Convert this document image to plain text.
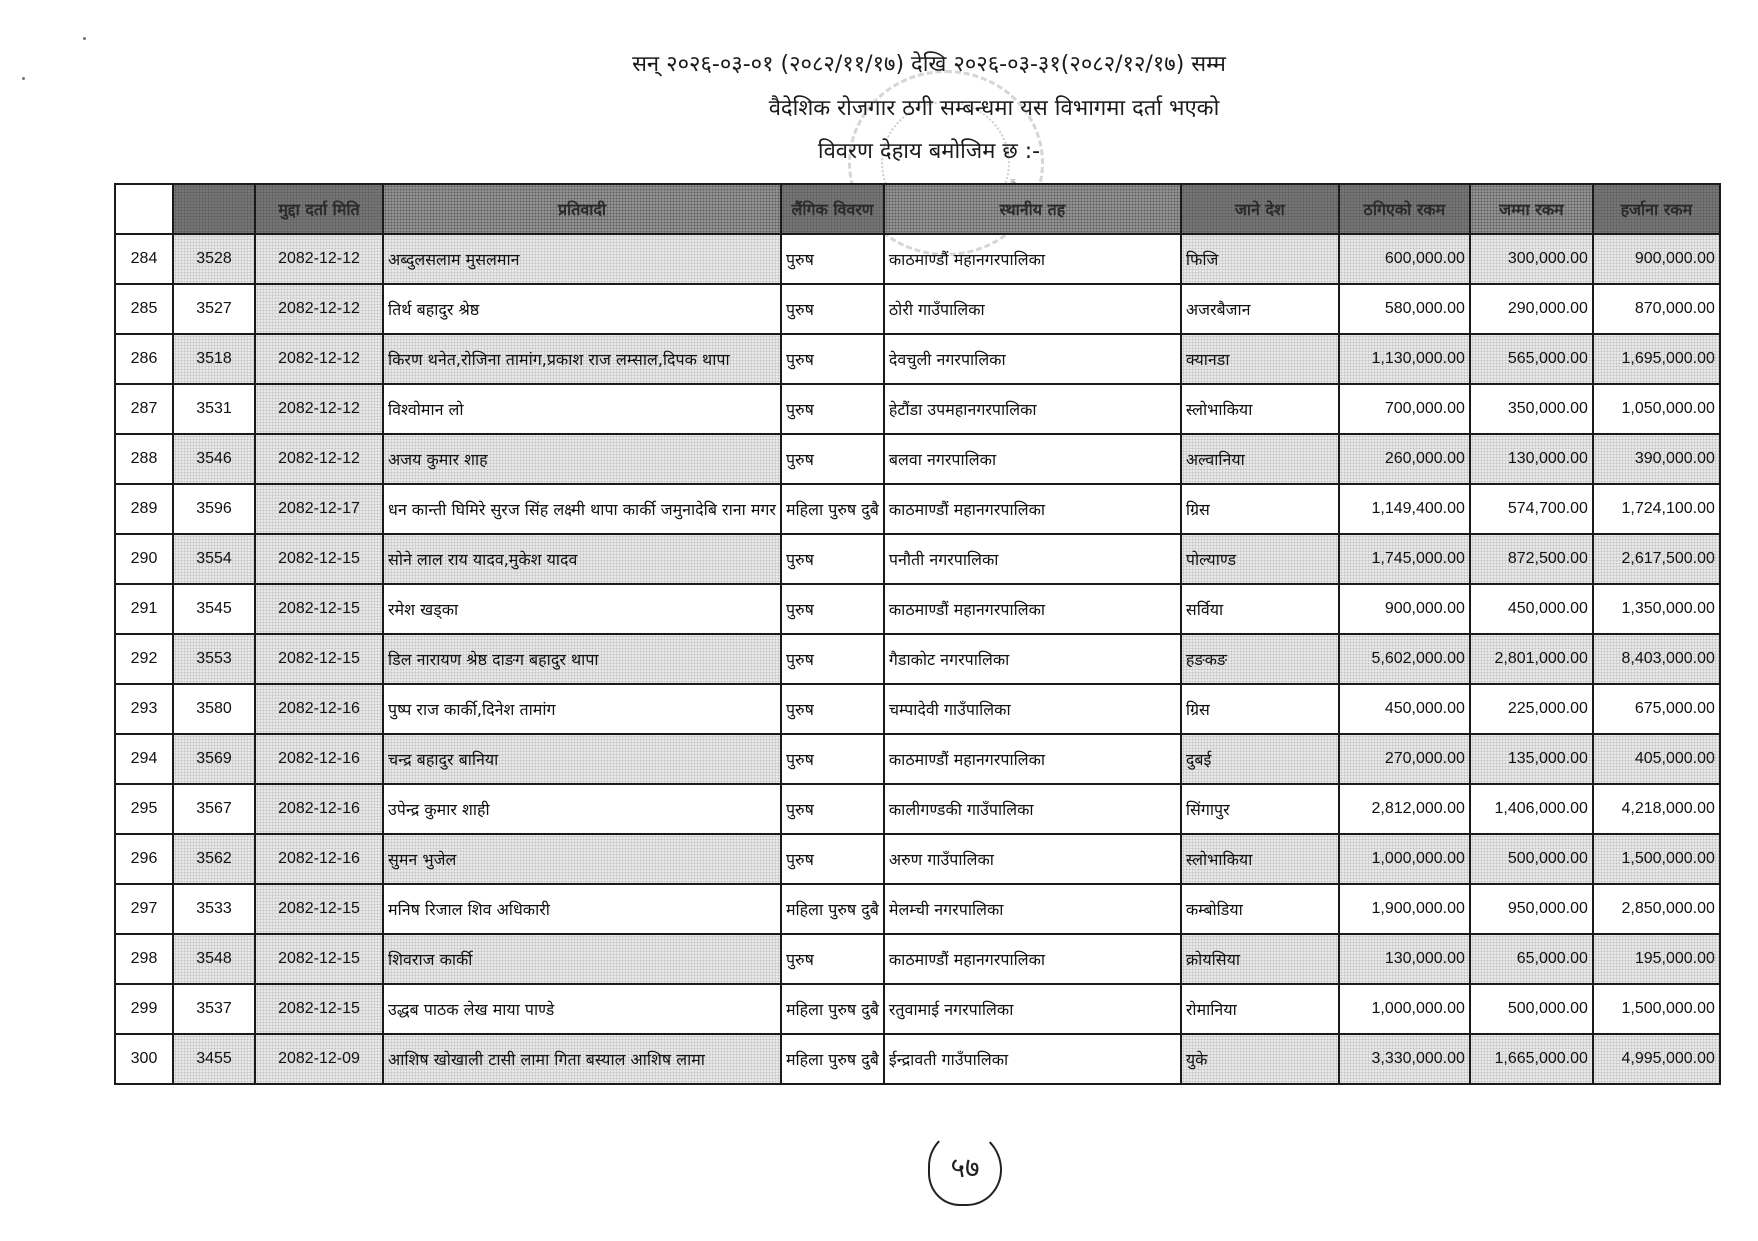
सन् २०२६-०३-०१ (२०८२/११/१७) देखि २०२६-०३-३१(२०८२/१२/१७) सम्म
वैदेशिक रोजगार ठगी सम्बन्धमा यस विभागमा दर्ता भएको
विवरण देहाय बमोजिम छ :-
		मुद्दा दर्ता मिति	प्रतिवादी	लैंगिक विवरण	स्थानीय तह	जाने देश	ठगिएको रकम	जम्मा रकम	हर्जाना रकम
284	3528	2082-12-12	अब्दुलसलाम मुसलमान	पुरुष	काठमाण्डौं महानगरपालिका	फिजि	600,000.00	300,000.00	900,000.00
285	3527	2082-12-12	तिर्थ बहादुर श्रेष्ठ	पुरुष	ठोरी गाउँपालिका	अजरबैजान	580,000.00	290,000.00	870,000.00
286	3518	2082-12-12	किरण थनेत,रोजिना तामांग,प्रकाश राज लम्साल,दिपक थापा	पुरुष	देवचुली नगरपालिका	क्यानडा	1,130,000.00	565,000.00	1,695,000.00
287	3531	2082-12-12	विश्वोमान लो	पुरुष	हेटौंडा उपमहानगरपालिका	स्लोभाकिया	700,000.00	350,000.00	1,050,000.00
288	3546	2082-12-12	अजय कुमार शाह	पुरुष	बलवा नगरपालिका	अल्वानिया	260,000.00	130,000.00	390,000.00
289	3596	2082-12-17	धन कान्ती घिमिरे सुरज सिंह लक्ष्मी थापा कार्की जमुनादेबि राना मगर	महिला पुरुष दुबै	काठमाण्डौं महानगरपालिका	ग्रिस	1,149,400.00	574,700.00	1,724,100.00
290	3554	2082-12-15	सोने लाल राय यादव,मुकेश यादव	पुरुष	पनौती नगरपालिका	पोल्याण्ड	1,745,000.00	872,500.00	2,617,500.00
291	3545	2082-12-15	रमेश खड्का	पुरुष	काठमाण्डौं महानगरपालिका	सर्विया	900,000.00	450,000.00	1,350,000.00
292	3553	2082-12-15	डिल नारायण श्रेष्ठ दाङग बहादुर थापा	पुरुष	गैडाकोट नगरपालिका	हङकङ	5,602,000.00	2,801,000.00	8,403,000.00
293	3580	2082-12-16	पुष्प राज कार्की,दिनेश तामांग	पुरुष	चम्पादेवी गाउँपालिका	ग्रिस	450,000.00	225,000.00	675,000.00
294	3569	2082-12-16	चन्द्र बहादुर बानिया	पुरुष	काठमाण्डौं महानगरपालिका	दुबई	270,000.00	135,000.00	405,000.00
295	3567	2082-12-16	उपेन्द्र कुमार शाही	पुरुष	कालीगण्डकी गाउँपालिका	सिंगापुर	2,812,000.00	1,406,000.00	4,218,000.00
296	3562	2082-12-16	सुमन भुजेल	पुरुष	अरुण गाउँपालिका	स्लोभाकिया	1,000,000.00	500,000.00	1,500,000.00
297	3533	2082-12-15	मनिष रिजाल शिव अधिकारी	महिला पुरुष दुबै	मेलम्ची नगरपालिका	कम्बोडिया	1,900,000.00	950,000.00	2,850,000.00
298	3548	2082-12-15	शिवराज कार्की	पुरुष	काठमाण्डौं महानगरपालिका	क्रोयसिया	130,000.00	65,000.00	195,000.00
299	3537	2082-12-15	उद्धब पाठक लेख माया पाण्डे	महिला पुरुष दुबै	रतुवामाई नगरपालिका	रोमानिया	1,000,000.00	500,000.00	1,500,000.00
300	3455	2082-12-09	आशिष खोखाली टासी लामा गिता बस्याल आशिष लामा	महिला पुरुष दुबै	ईन्द्रावती गाउँपालिका	युके	3,330,000.00	1,665,000.00	4,995,000.00
५७
